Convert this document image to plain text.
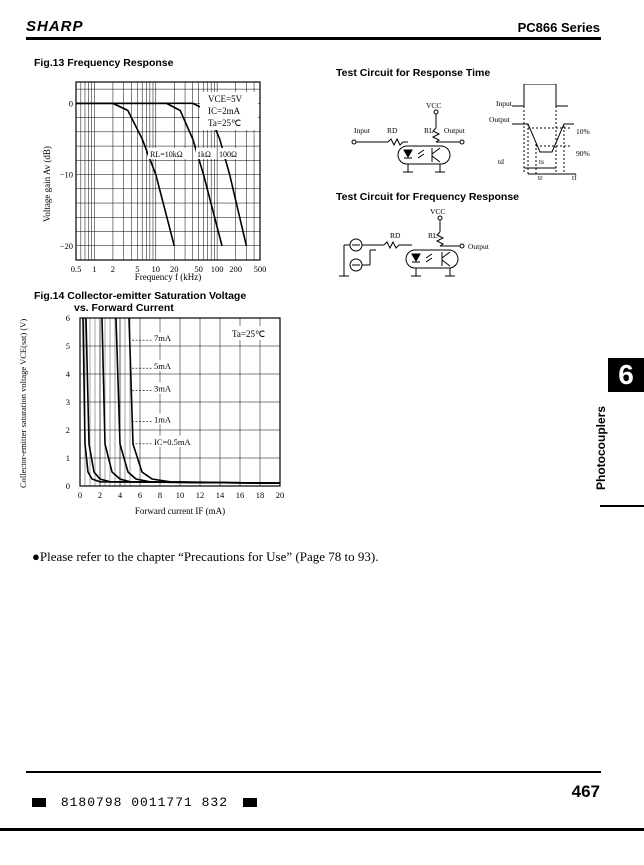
SHARP	PC866 Series
Fig.13 Frequency Response
0.5 1 2 5 10 20 50 100 200 500
0
−10
−20
VCE=5V
IC=2mA
Ta=25℃
RL=10kΩ 1kΩ 100Ω
Voltage gain Av (dB)
Frequency f (kHz)
Fig.14 Collector-emitter Saturation Voltage
vs. Forward Current
0 2 4 6 8 10 12 14 16 18 20
0
1
2
3
4
5
6
Ta=25℃
7mA
5mA
3mA
1mA
IC=0.5mA
Collector-emitter saturation voltage VCE(sat) (V)
Forward current IF (mA)
Test Circuit for Response Time
VCC
Input RD	RL Output
Input
Output
10%
90%
td	ts
tr	tf
Test Circuit for Frequency Response
VCC
RD	RL
Output
6
Photocouplers
●Please refer to the chapter “Precautions for Use” (Page 78 to 93).
467
8180798 0011771 832
